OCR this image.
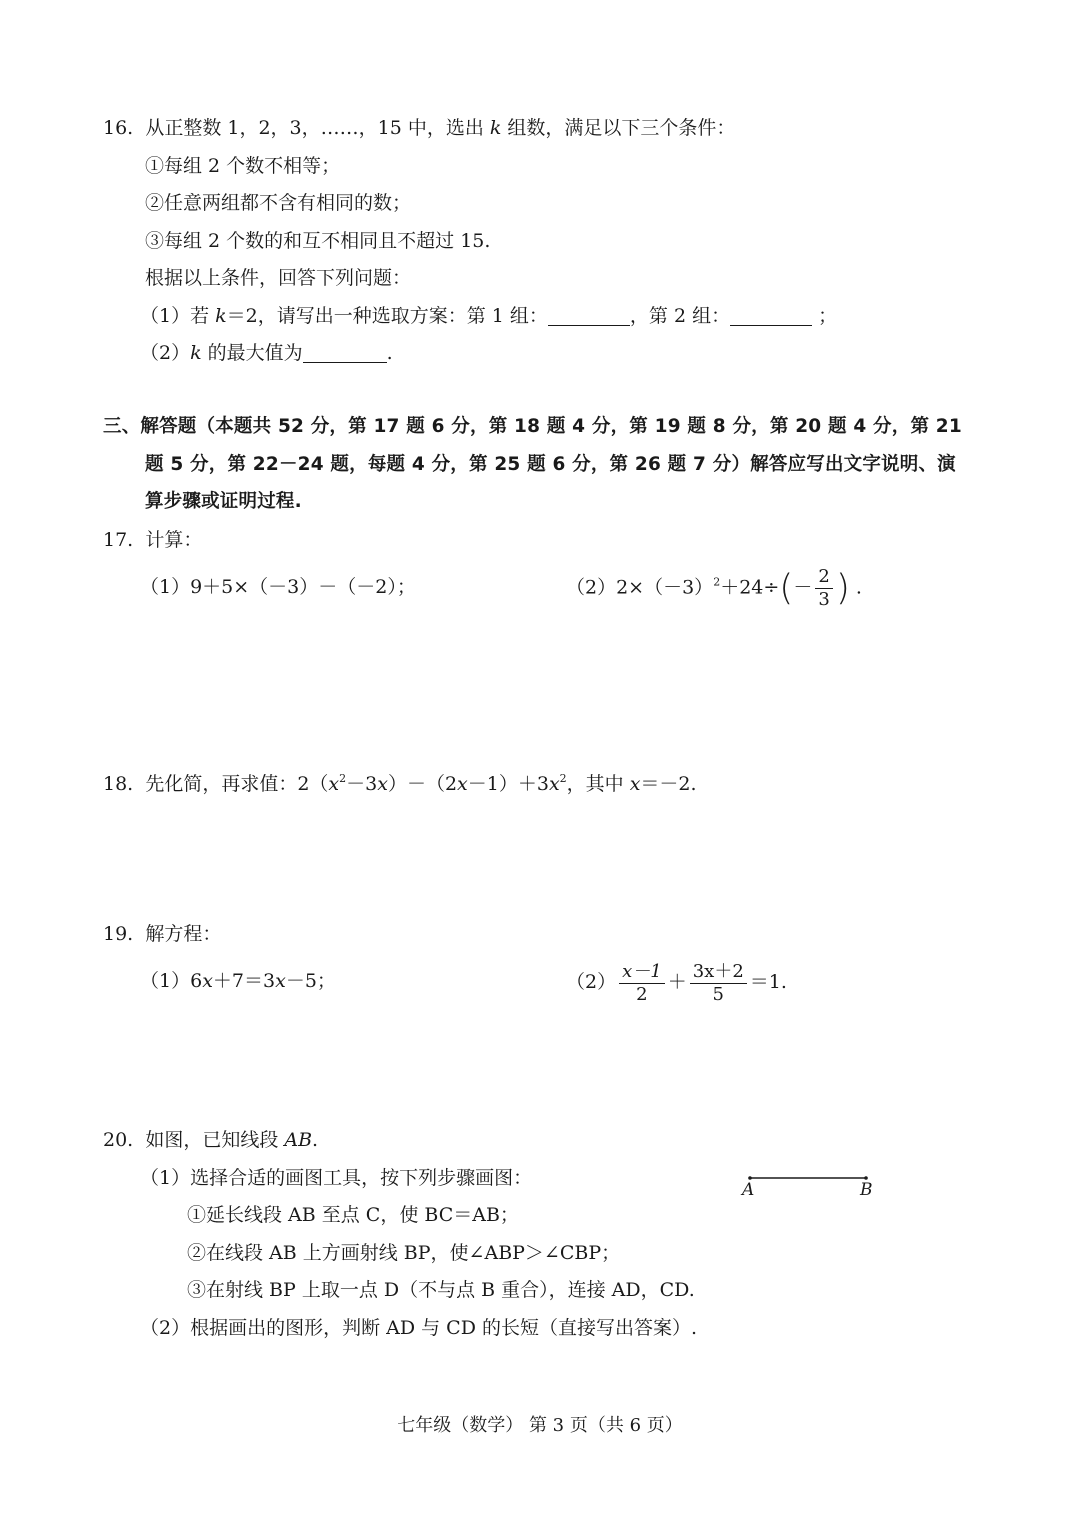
16. 从正整数 1，2，3，……，15 中，选出 k 组数，满足以下三个条件：
①每组 2 个数不相等；
②任意两组都不含有相同的数；
③每组 2 个数的和互不相同且不超过 15.
根据以上条件，回答下列问题：
（1）若 k＝2，请写出一种选取方案：第 1 组：	，第 2 组：	；
（2）k 的最大值为	.
三、解答题（本题共 52 分，第 17 题 6 分，第 18 题 4 分，第 19 题 8 分，第 20 题 4 分，第 21
题 5 分，第 22－24 题，每题 4 分，第 25 题 6 分，第 26 题 7 分）解答应写出文字说明、演
算步骤或证明过程.
17. 计算：
（1）9＋5×（－3）－（－2）；	$(2)2\times(-3)^2+24\div(- \frac{2}{3}$ ) .
18. 先化简，再求值：$2(x^2-3x)-(2x-1)+3x^2$，其中 x＝－2.
19. 解方程：
（1）6x＋7＝3x－5；	$(2) \frac{x-1}{2} + \frac{3x+2}{5} =1$.
20. 如图，已知线段 AB.
（1）选择合适的画图工具，按下列步骤画图：
①延长线段 AB 至点 C，使 BC＝AB；
②在线段 AB 上方画射线 BP，使∠ABP＞∠CBP；
③在射线 BP 上取一点 D（不与点 B 重合），连接 AD，CD.
（2）根据画出的图形，判断 AD 与 CD 的长短（直接写出答案）.
A	B
七年级（数学） 第 3 页（共 6 页）
